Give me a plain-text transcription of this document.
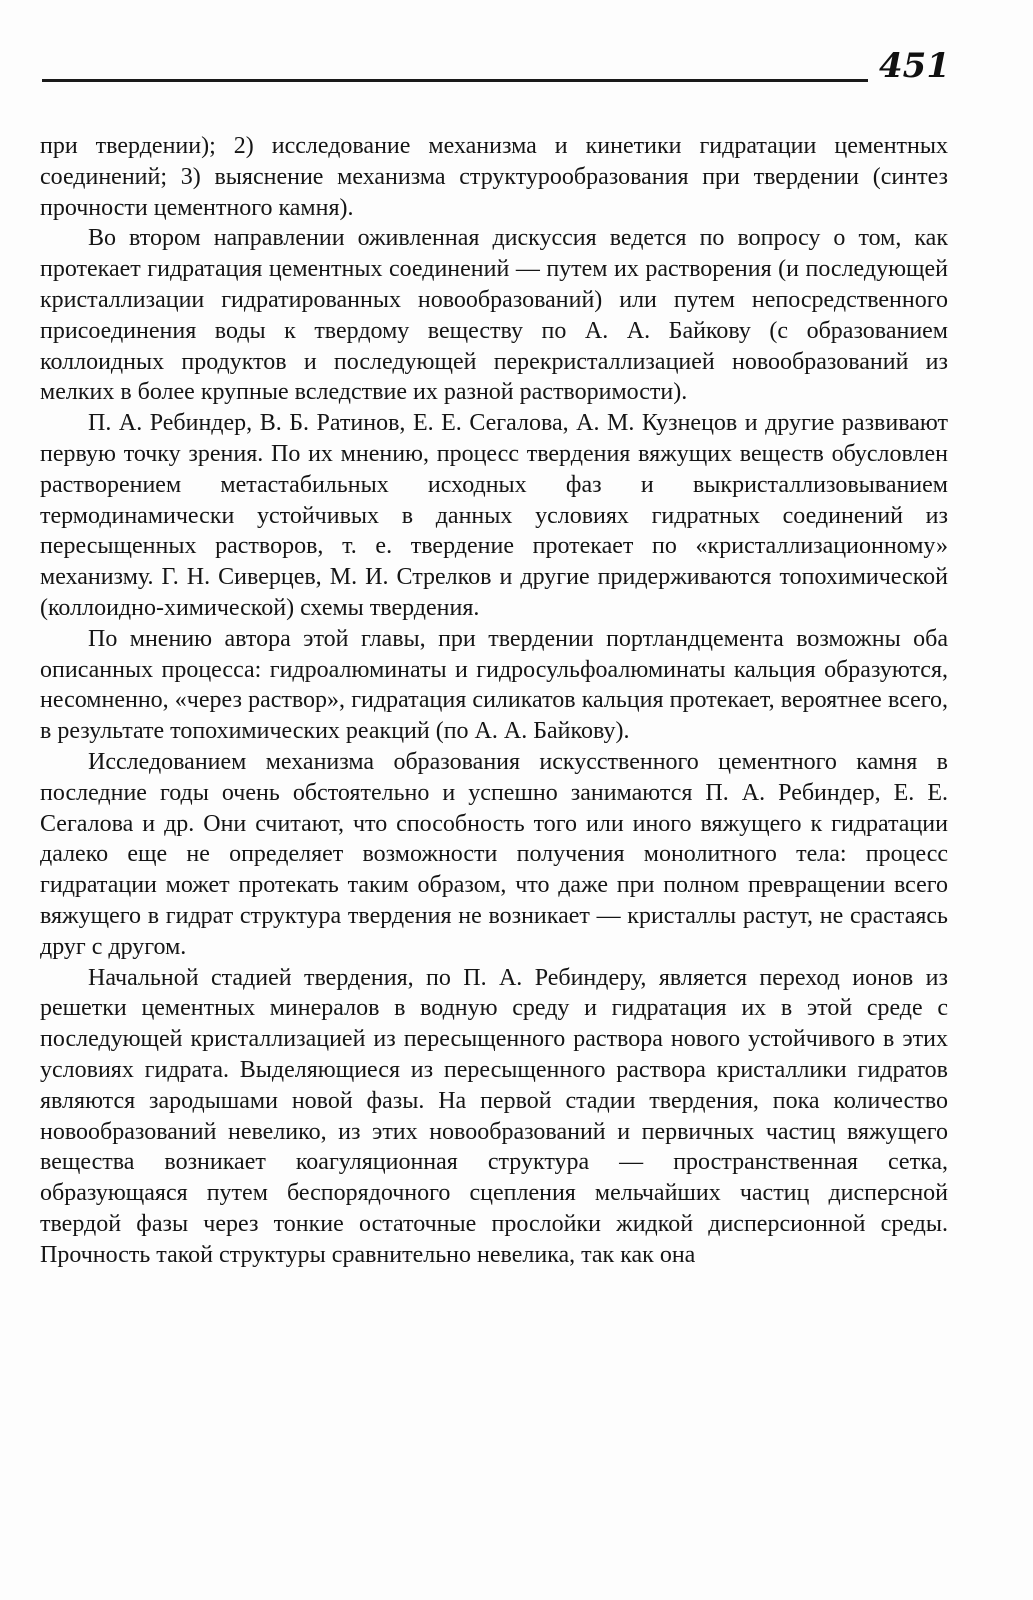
451

при твердении); 2) исследование механизма и кинетики гидратации цементных соединений; 3) выяснение механизма структурообразования при твердении (синтез прочности цементного камня).

Во втором направлении оживленная дискуссия ведется по вопросу о том, как протекает гидратация цементных соединений — путем их растворения (и последующей кристаллизации гидратированных новообразований) или путем непосредственного присоединения воды к твердому веществу по А. А. Байкову (с образованием коллоидных продуктов и последующей перекристаллизацией новообразований из мелких в более крупные вследствие их разной растворимости).

П. А. Ребиндер, В. Б. Ратинов, Е. Е. Сегалова, А. М. Кузнецов и другие развивают первую точку зрения. По их мнению, процесс твердения вяжущих веществ обусловлен растворением метастабильных исходных фаз и выкристаллизовыванием термодинамически устойчивых в данных условиях гидратных соединений из пересыщенных растворов, т. е. твердение протекает по «кристаллизационному» механизму. Г. Н. Сиверцев, М. И. Стрелков и другие придерживаются топохимической (коллоидно-химической) схемы твердения.

По мнению автора этой главы, при твердении портландцемента возможны оба описанных процесса: гидроалюминаты и гидросульфоалюминаты кальция образуются, несомненно, «через раствор», гидратация силикатов кальция протекает, вероятнее всего, в результате топохимических реакций (по А. А. Байкову).

Исследованием механизма образования искусственного цементного камня в последние годы очень обстоятельно и успешно занимаются П. А. Ребиндер, Е. Е. Сегалова и др. Они считают, что способность того или иного вяжущего к гидратации далеко еще не определяет возможности получения монолитного тела: процесс гидратации может протекать таким образом, что даже при полном превращении всего вяжущего в гидрат структура твердения не возникает — кристаллы растут, не срастаясь друг с другом.

Начальной стадией твердения, по П. А. Ребиндеру, является переход ионов из решетки цементных минералов в водную среду и гидратация их в этой среде с последующей кристаллизацией из пересыщенного раствора нового устойчивого в этих условиях гидрата. Выделяющиеся из пересыщенного раствора кристаллики гидратов являются зародышами новой фазы. На первой стадии твердения, пока количество новообразований невелико, из этих новообразований и первичных частиц вяжущего вещества возникает коагуляционная структура — пространственная сетка, образующаяся путем беспорядочного сцепления мельчайших частиц дисперсной твердой фазы через тонкие остаточные прослойки жидкой дисперсионной среды. Прочность такой структуры сравнительно невелика, так как она
